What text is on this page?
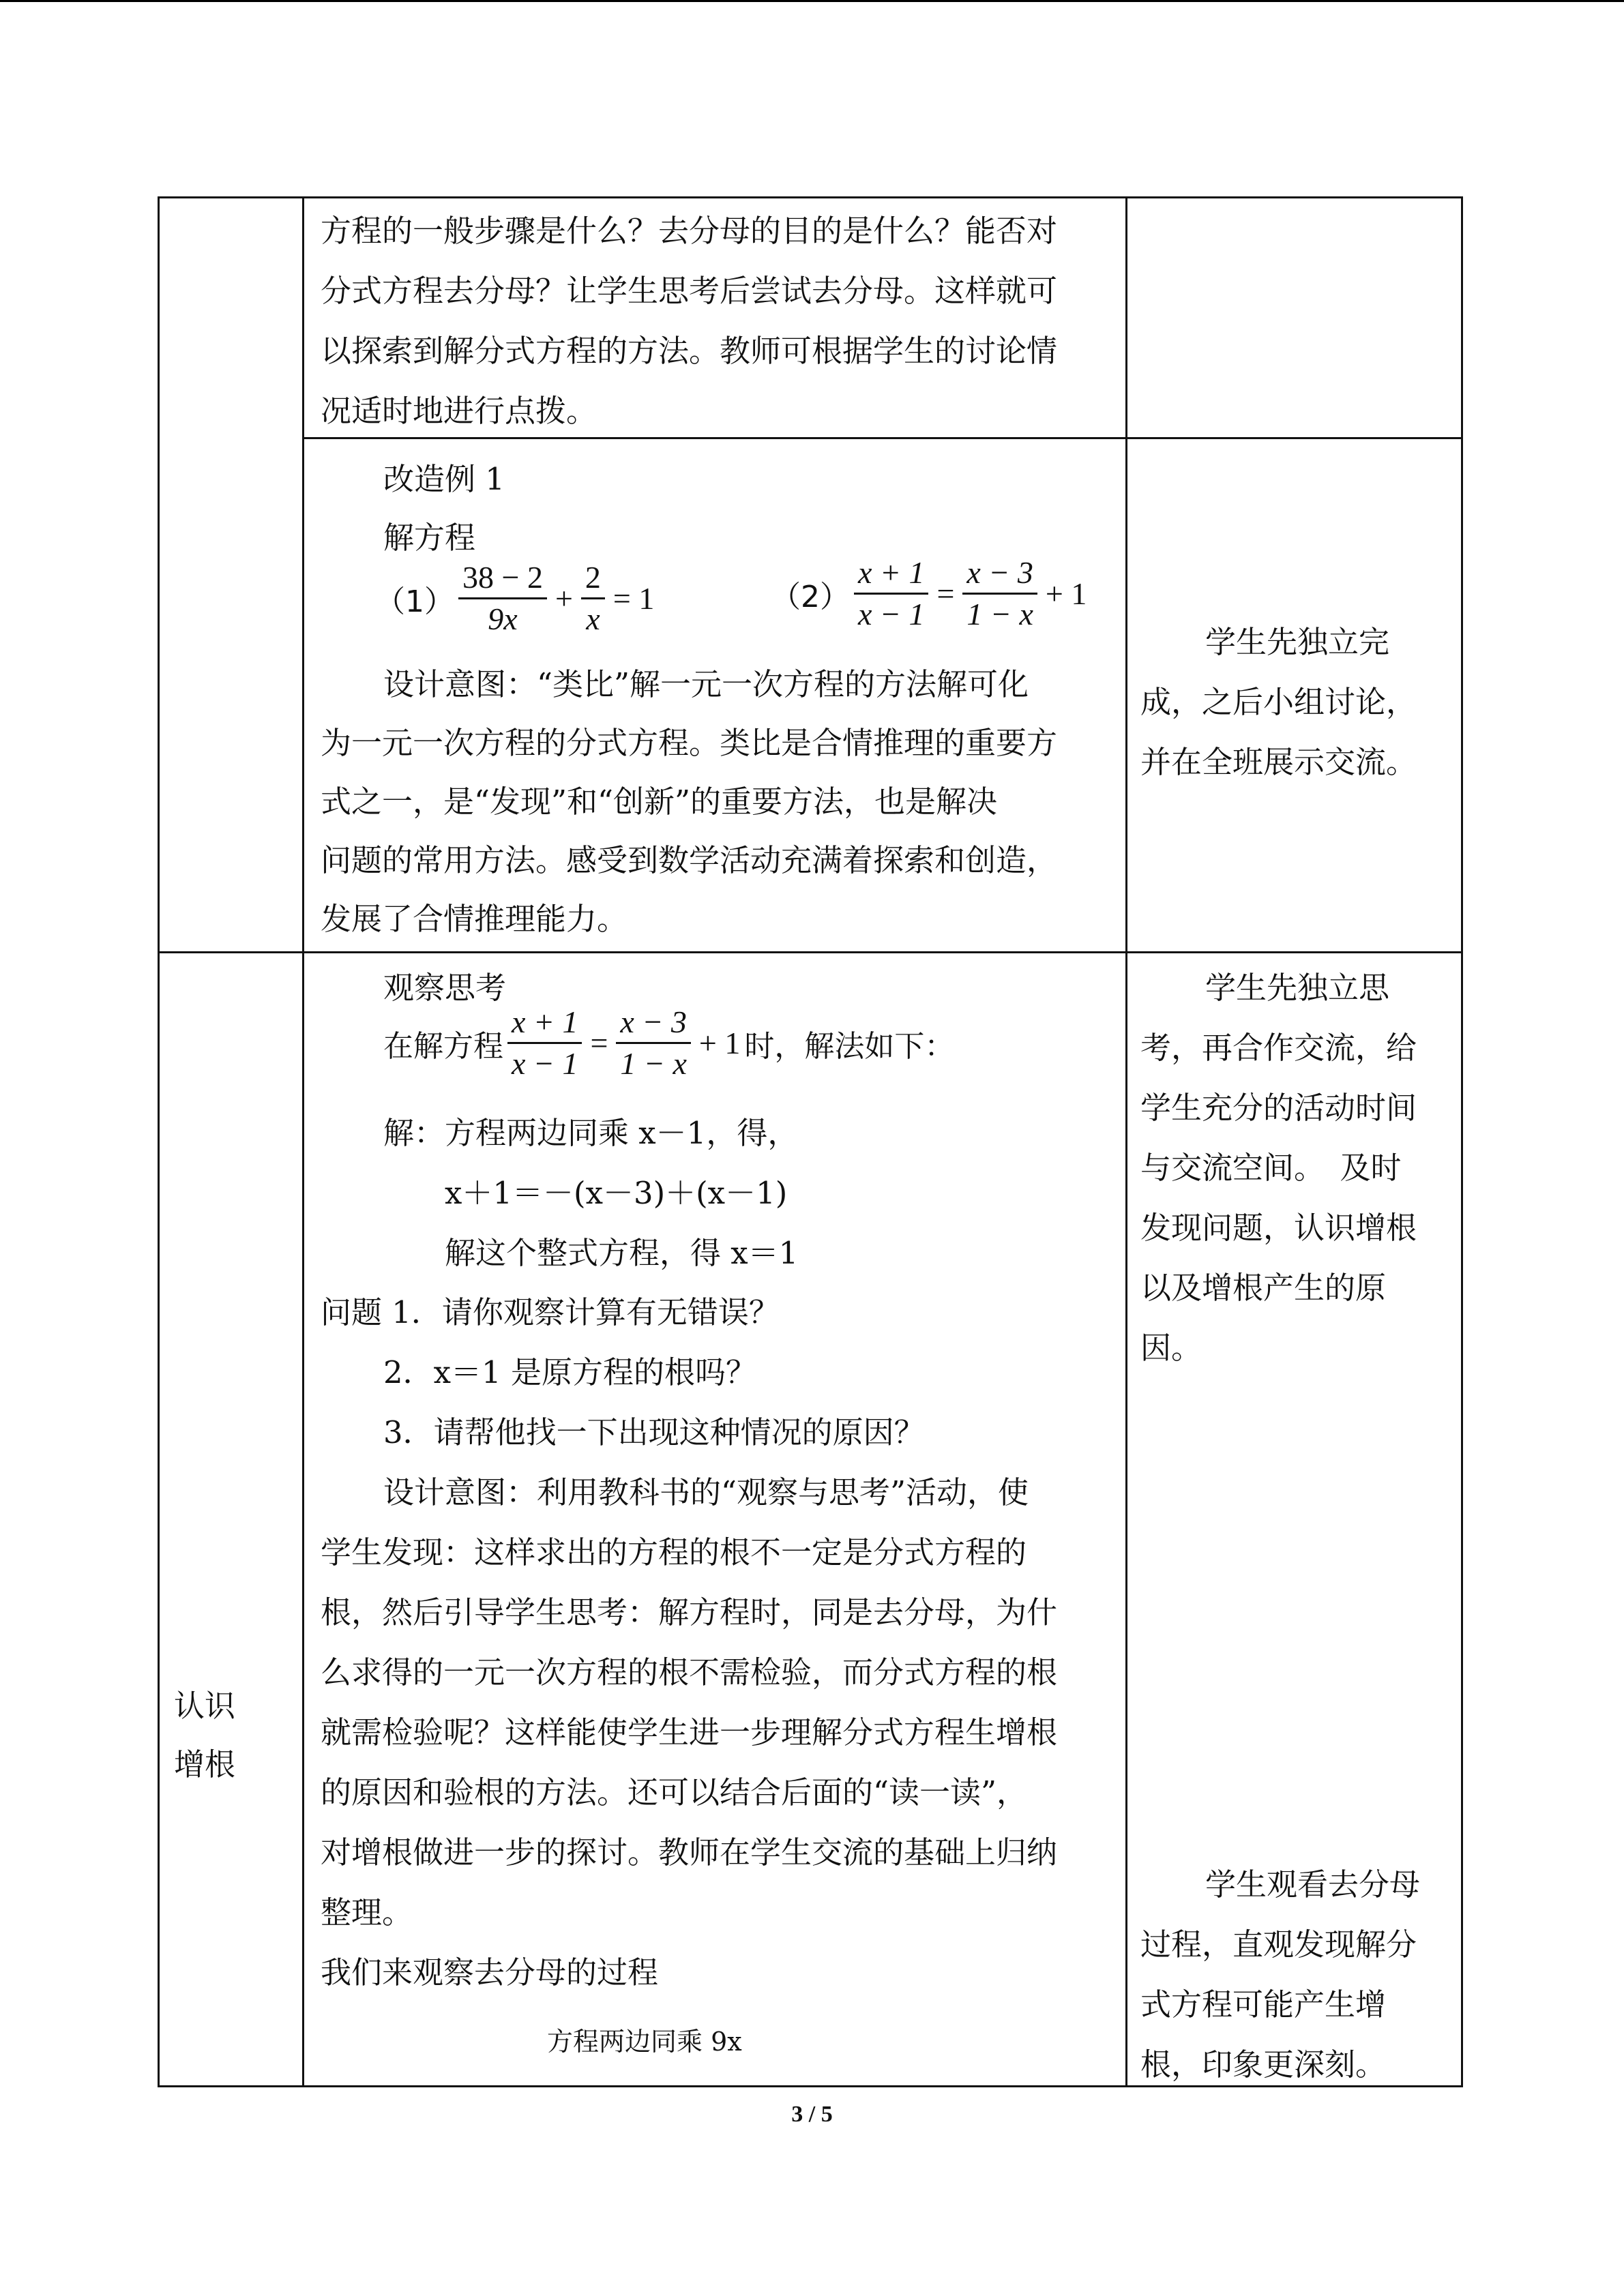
方程的一般步骤是什么？去分母的目的是什么？能否对
分式方程去分母？让学生思考后尝试去分母。这样就可
以探索到解分式方程的方法。教师可根据学生的讨论情
况适时地进行点拨。
改造例 1
解方程
$(1) \frac{38 - 2}{9x} + \frac{2}{x} = 1$	$(2) \frac{x + 1}{x - 1} = \frac{x - 3}{1 - x} + 1$
设计意图：“类比”解一元一次方程的方法解可化
为一元一次方程的分式方程。类比是合情推理的重要方
式之一，是“发现”和“创新”的重要方法，也是解决
问题的常用方法。感受到数学活动充满着探索和创造，
发展了合情推理能力。
学生先独立完
成，之后小组讨论，
并在全班展示交流。
认识
增根
观察思考
在解方程 $\frac{x + 1}{x - 1} = \frac{x - 3}{1 - x} + 1$ 时，解法如下：
解：方程两边同乘 x－1，得，
x＋1＝－(x－3)＋(x－1)
解这个整式方程，得 x＝1
问题 1．请你观察计算有无错误？
2．x＝1 是原方程的根吗？
3．请帮他找一下出现这种情况的原因？
设计意图：利用教科书的“观察与思考”活动，使
学生发现：这样求出的方程的根不一定是分式方程的
根，然后引导学生思考：解方程时，同是去分母，为什
么求得的一元一次方程的根不需检验，而分式方程的根
就需检验呢？这样能使学生进一步理解分式方程生增根
的原因和验根的方法。还可以结合后面的“读一读”，
对增根做进一步的探讨。教师在学生交流的基础上归纳
整理。
我们来观察去分母的过程
方程两边同乘 9x
学生先独立思
考，再合作交流，给
学生充分的活动时间
与交流空间。　及时
发现问题，认识增根
以及增根产生的原
因。
学生观看去分母
过程，直观发现解分
式方程可能产生增
根，印象更深刻。
3 / 5
